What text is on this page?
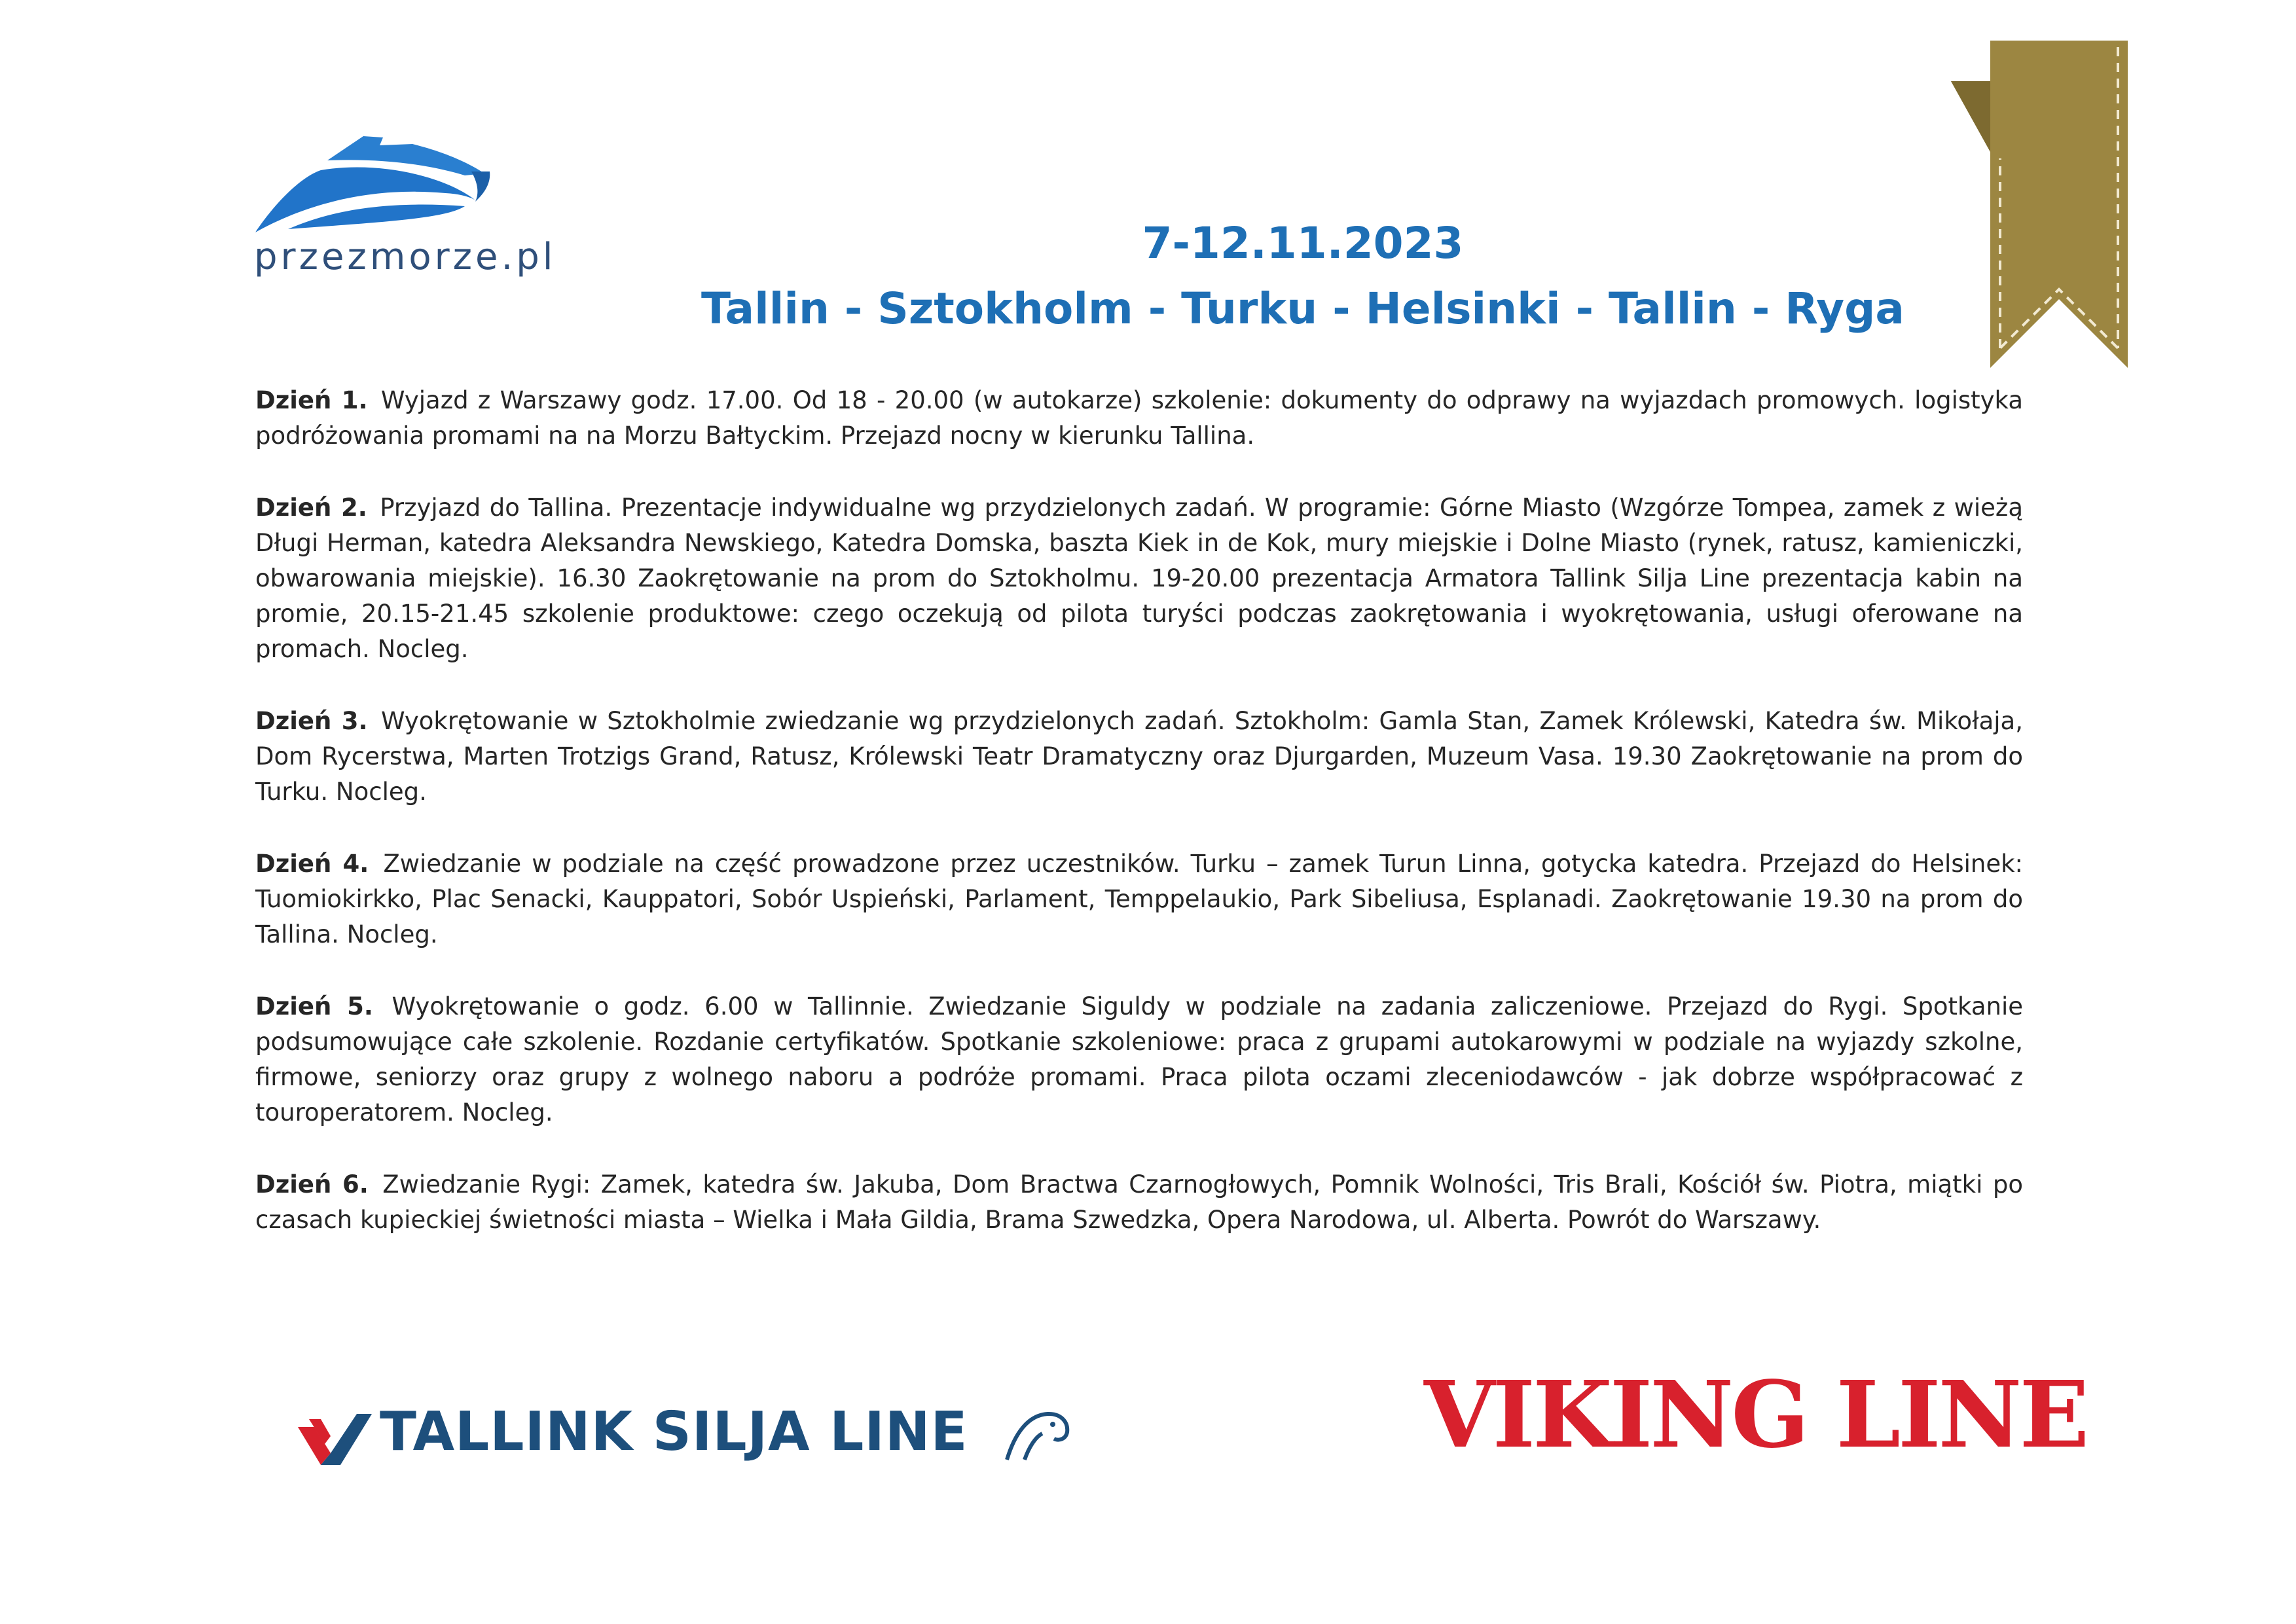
przezmorze.pl	7-12.11.2023
Tallin - Sztokholm - Turku - Helsinki - Tallin - Ryga

Dzień 1. Wyjazd z Warszawy godz. 17.00. Od 18 - 20.00 (w autokarze) szkolenie: dokumenty do odprawy na wyjazdach promowych. logistyka podróżowania promami na na Morzu Bałtyckim. Przejazd nocny w kierunku Tallina.

Dzień 2. Przyjazd do Tallina. Prezentacje indywidualne wg przydzielonych zadań. W programie: Górne Miasto (Wzgórze Tompea, zamek z wieżą Długi Herman, katedra Aleksandra Newskiego, Katedra Domska, baszta Kiek in de Kok, mury miejskie i Dolne Miasto (rynek, ratusz, kamieniczki, obwarowania miejskie). 16.30 Zaokrętowanie na prom do Sztokholmu. 19-20.00 prezentacja Armatora Tallink Silja Line prezentacja kabin na promie, 20.15-21.45 szkolenie produktowe: czego oczekują od pilota turyści podczas zaokrętowania i wyokrętowania, usługi oferowane na promach. Nocleg.

Dzień 3. Wyokrętowanie w Sztokholmie zwiedzanie wg przydzielonych zadań. Sztokholm: Gamla Stan, Zamek Królewski, Katedra św. Mikołaja, Dom Rycerstwa, Marten Trotzigs Grand, Ratusz, Królewski Teatr Dramatyczny oraz Djurgarden, Muzeum Vasa. 19.30 Zaokrętowanie na prom do Turku. Nocleg.

Dzień 4. Zwiedzanie w podziale na część prowadzone przez uczestników. Turku – zamek Turun Linna, gotycka katedra. Przejazd do Helsinek: Tuomiokirkko, Plac Senacki, Kauppatori, Sobór Uspieński, Parlament, Temppelaukio, Park Sibeliusa, Esplanadi. Zaokrętowanie 19.30 na prom do Tallina. Nocleg.

Dzień 5. Wyokrętowanie o godz. 6.00 w Tallinnie. Zwiedzanie Siguldy w podziale na zadania zaliczeniowe. Przejazd do Rygi. Spotkanie podsumowujące całe szkolenie. Rozdanie certyfikatów. Spotkanie szkoleniowe: praca z grupami autokarowymi w podziale na wyjazdy szkolne, firmowe, seniorzy oraz grupy z wolnego naboru a podróże promami. Praca pilota oczami zleceniodawców - jak dobrze współpracować z touroperatorem. Nocleg.

Dzień 6. Zwiedzanie Rygi: Zamek, katedra św. Jakuba, Dom Bractwa Czarnogłowych, Pomnik Wolności, Tris Brali, Kościół św. Piotra, miątki po czasach kupieckiej świetności miasta – Wielka i Mała Gildia, Brama Szwedzka, Opera Narodowa, ul. Alberta. Powrót do Warszawy.

TALLINK SILJA LINE	VIKING LINE
